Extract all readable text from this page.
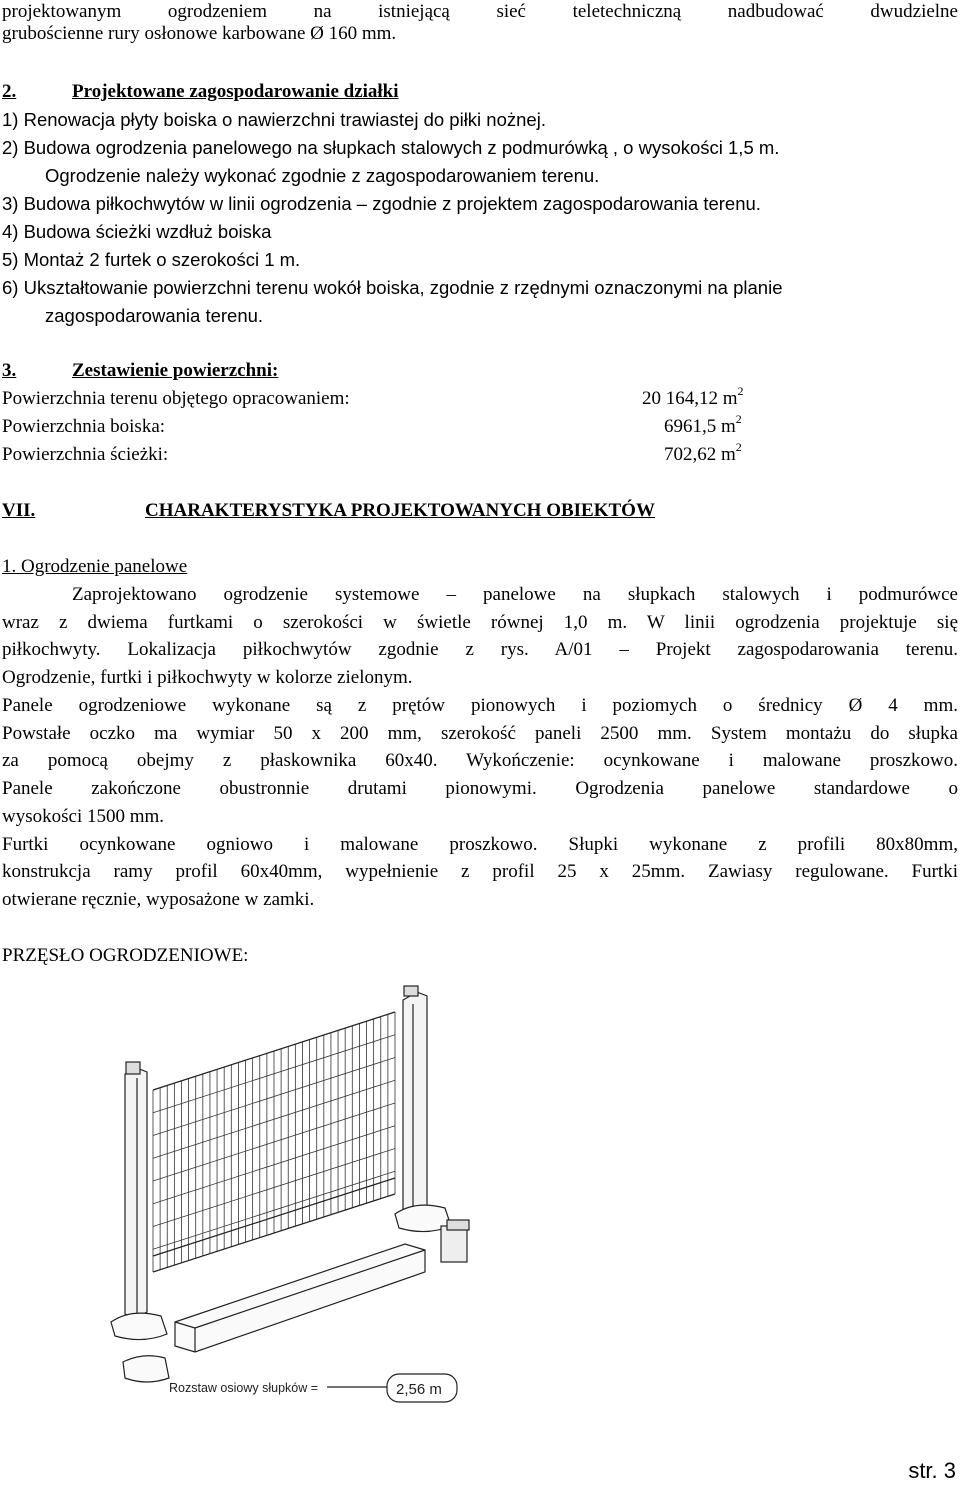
projektowanym ogrodzeniem na istniejącą sieć teletechniczną nadbudować dwudzielne
grubościenne rury osłonowe karbowane Ø 160 mm.
2.	Projektowane zagospodarowanie działki
1) Renowacja płyty boiska o nawierzchni trawiastej do piłki nożnej.
2) Budowa ogrodzenia panelowego na słupkach stalowych z podmurówką , o wysokości 1,5 m.
Ogrodzenie należy wykonać zgodnie z zagospodarowaniem terenu.
3) Budowa piłkochwytów w linii ogrodzenia – zgodnie z projektem zagospodarowania terenu.
4) Budowa ścieżki wzdłuż boiska
5) Montaż 2 furtek o szerokości 1 m.
6) Ukształtowanie powierzchni terenu wokół boiska, zgodnie z rzędnymi oznaczonymi na planie
zagospodarowania terenu.
3.	Zestawienie powierzchni:
Powierzchnia terenu objętego opracowaniem:	20 164,12 $m^2$
Powierzchnia boiska:	6961,5 $m^2$
Powierzchnia ścieżki:	702,62 $m^2$
VII.	CHARAKTERYSTYKA PROJEKTOWANYCH OBIEKTÓW
1. Ogrodzenie panelowe
Zaprojektowano ogrodzenie systemowe – panelowe na słupkach stalowych i podmurówce
wraz z dwiema furtkami o szerokości w świetle równej 1,0 m. W linii ogrodzenia projektuje się
piłkochwyty. Lokalizacja piłkochwytów zgodnie z rys. A/01 – Projekt zagospodarowania terenu.
Ogrodzenie, furtki i piłkochwyty w kolorze zielonym.
Panele ogrodzeniowe wykonane są z prętów pionowych i poziomych o średnicy Ø 4 mm.
Powstałe oczko ma wymiar 50 x 200 mm, szerokość paneli 2500 mm. System montażu do słupka
za pomocą obejmy z płaskownika 60x40. Wykończenie: ocynkowane i malowane proszkowo.
Panele zakończone obustronnie drutami pionowymi. Ogrodzenia panelowe standardowe o
wysokości 1500 mm.
Furtki ocynkowane ogniowo i malowane proszkowo. Słupki wykonane z profili 80x80mm,
konstrukcja ramy profil 60x40mm, wypełnienie z profil 25 x 25mm. Zawiasy regulowane. Furtki
otwierane ręcznie, wyposażone w zamki.
PRZĘSŁO OGRODZENIOWE:
Rozstaw osiowy słupków =	2,56 m
str. 3
